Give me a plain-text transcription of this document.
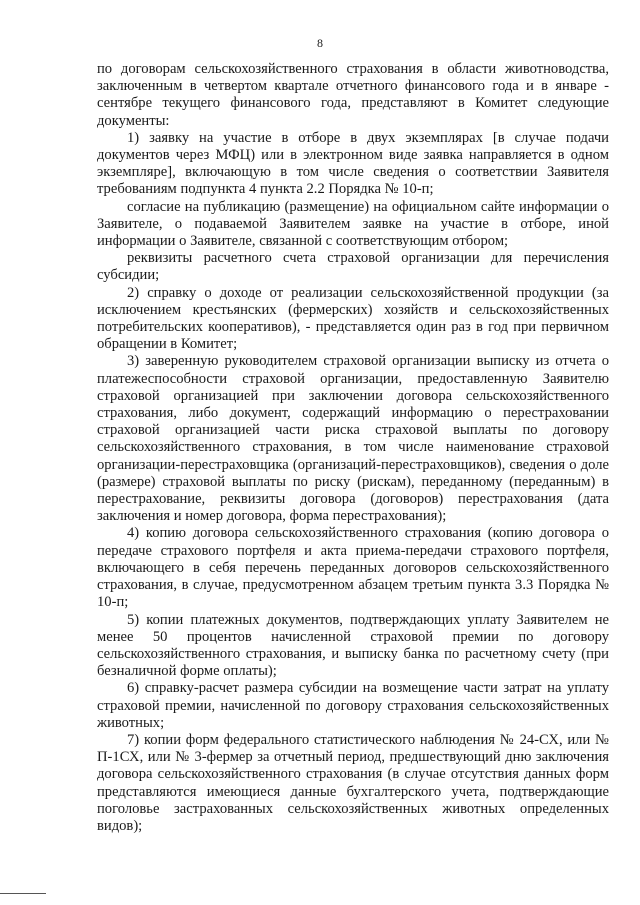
8

по договорам сельскохозяйственного страхования в области животноводства, заключенным в четвертом квартале отчетного финансового года и в январе - сентябре текущего финансового года, представляют в Комитет следующие документы:

1) заявку на участие в отборе в двух экземплярах [в случае подачи документов через МФЦ) или в электронном виде заявка направляется в одном экземпляре], включающую в том числе сведения о соответствии Заявителя требованиям подпункта 4 пункта 2.2 Порядка № 10-п;

согласие на публикацию (размещение) на официальном сайте информации о Заявителе, о подаваемой Заявителем заявке на участие в отборе, иной информации о Заявителе, связанной с соответствующим отбором;

реквизиты расчетного счета страховой организации для перечисления субсидии;

2) справку о доходе от реализации сельскохозяйственной продукции (за исключением крестьянских (фермерских) хозяйств и сельскохозяйственных потребительских кооперативов), - представляется один раз в год при первичном обращении в Комитет;

3) заверенную руководителем страховой организации выписку из отчета о платежеспособности страховой организации, предоставленную Заявителю страховой организацией при заключении договора сельскохозяйственного страхования, либо документ, содержащий информацию о перестраховании страховой организацией части риска страховой выплаты по договору сельскохозяйственного страхования, в том числе наименование страховой организации-перестраховщика (организаций-перестраховщиков), сведения о доле (размере) страховой выплаты по риску (рискам), переданному (переданным) в перестрахование, реквизиты договора (договоров) перестрахования (дата заключения и номер договора, форма перестрахования);

4) копию договора сельскохозяйственного страхования (копию договора о передаче страхового портфеля и акта приема-передачи страхового портфеля, включающего в себя перечень переданных договоров сельскохозяйственного страхования, в случае, предусмотренном абзацем третьим пункта 3.3 Порядка № 10-п;

5) копии платежных документов, подтверждающих уплату Заявителем не менее 50 процентов начисленной страховой премии по договору сельскохозяйственного страхования, и выписку банка по расчетному счету (при безналичной форме оплаты);

6) справку-расчет размера субсидии на возмещение части затрат на уплату страховой премии, начисленной по договору страхования сельскохозяйственных животных;

7) копии форм федерального статистического наблюдения № 24-СХ, или № П-1СХ, или № 3-фермер за отчетный период, предшествующий дню заключения договора сельскохозяйственного страхования (в случае отсутствия данных форм представляются имеющиеся данные бухгалтерского учета, подтверждающие поголовье застрахованных сельскохозяйственных животных определенных видов);
